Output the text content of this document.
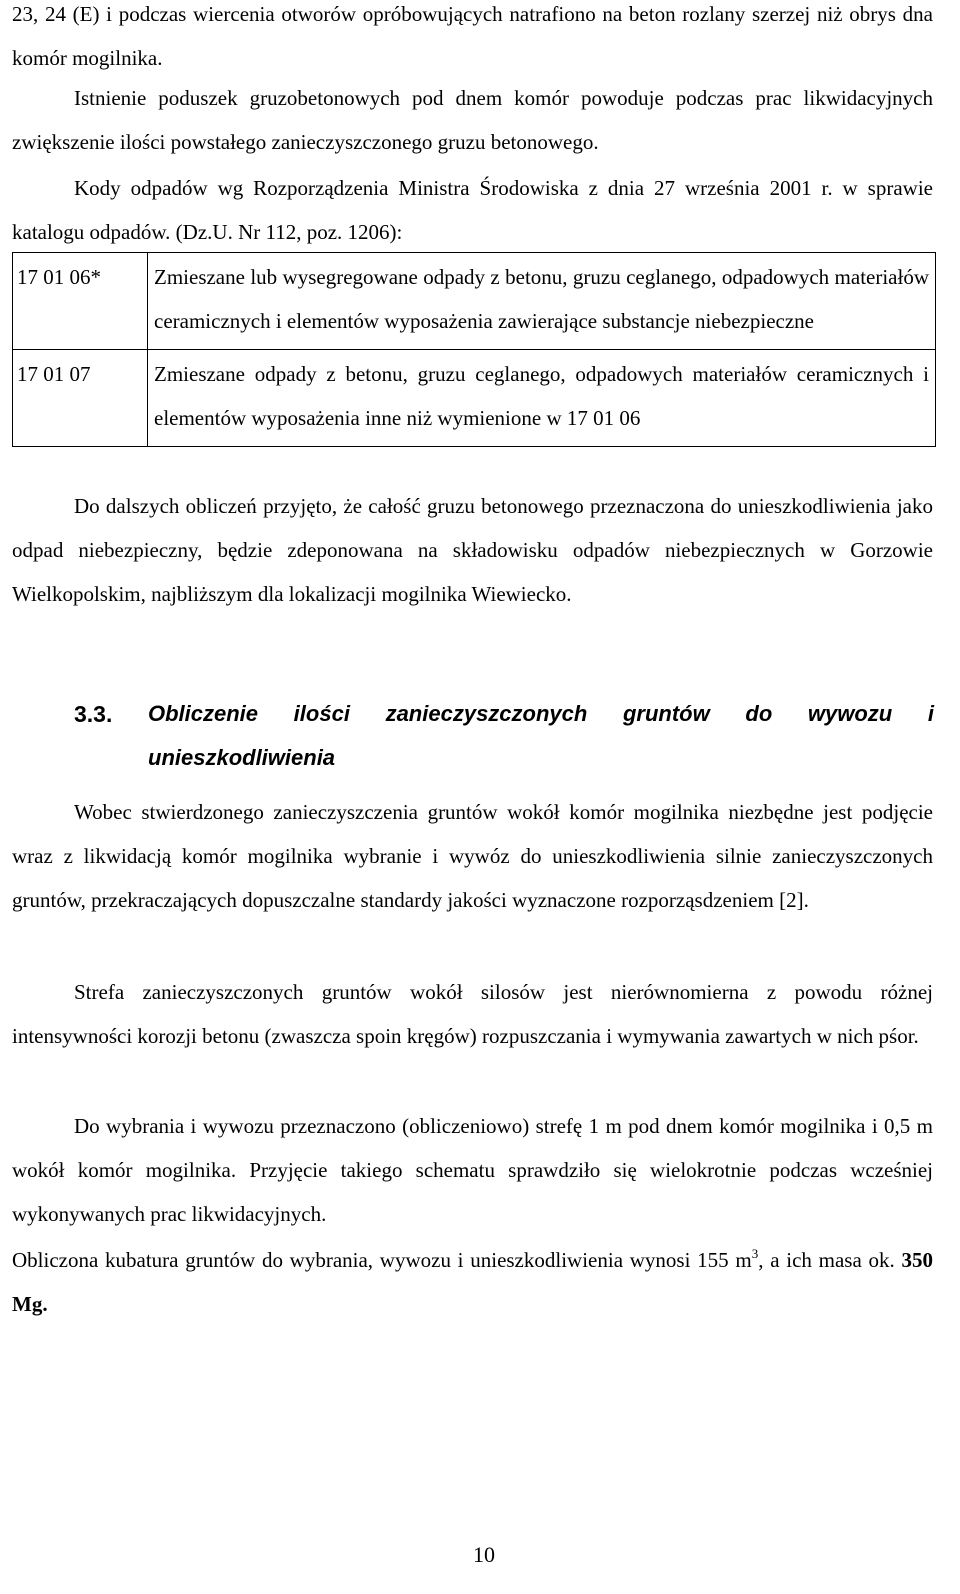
23, 24 (E) i podczas wiercenia otworów opróbowujących natrafiono na beton rozlany szerzej niż obrys dna komór mogilnika.

Istnienie poduszek gruzobetonowych pod dnem komór powoduje podczas prac likwidacyjnych zwiększenie ilości powstałego zanieczyszczonego gruzu betonowego.

Kody odpadów wg Rozporządzenia Ministra Środowiska z dnia 27 września 2001 r. w sprawie katalogu odpadów. (Dz.U. Nr 112, poz. 1206):

17 01 06*	Zmieszane lub wysegregowane odpady z betonu, gruzu ceglanego, odpadowych materiałów ceramicznych i elementów wyposażenia zawierające substancje niebezpieczne
17 01 07	Zmieszane odpady z betonu, gruzu ceglanego, odpadowych materiałów ceramicznych i elementów wyposażenia inne niż wymienione w 17 01 06

Do dalszych obliczeń przyjęto, że całość gruzu betonowego przeznaczona do unieszkodliwienia jako odpad niebezpieczny, będzie zdeponowana na składowisku odpadów niebezpiecznych w Gorzowie Wielkopolskim, najbliższym dla lokalizacji mogilnika Wiewiecko.

3.3. Obliczenie ilości zanieczyszczonych gruntów do wywozu i unieszkodliwienia

Wobec stwierdzonego zanieczyszczenia gruntów wokół komór mogilnika niezbędne jest podjęcie wraz z likwidacją komór mogilnika wybranie i wywóz do unieszkodliwienia silnie zanieczyszczonych gruntów, przekraczających dopuszczalne standardy jakości wyznaczone rozporząsdzeniem [2].

Strefa zanieczyszczonych gruntów wokół silosów jest nierównomierna z powodu różnej intensywności korozji betonu (zwaszcza spoin kręgów) rozpuszczania i wymywania zawartych w nich pśor.

Do wybrania i wywozu przeznaczono (obliczeniowo) strefę 1 m pod dnem komór mogilnika i 0,5 m wokół komór mogilnika. Przyjęcie takiego schematu sprawdziło się wielokrotnie podczas wcześniej wykonywanych prac likwidacyjnych.

Obliczona kubatura gruntów do wybrania, wywozu i unieszkodliwienia wynosi 155 $m^3$, a ich masa ok. 350 Mg.

10
